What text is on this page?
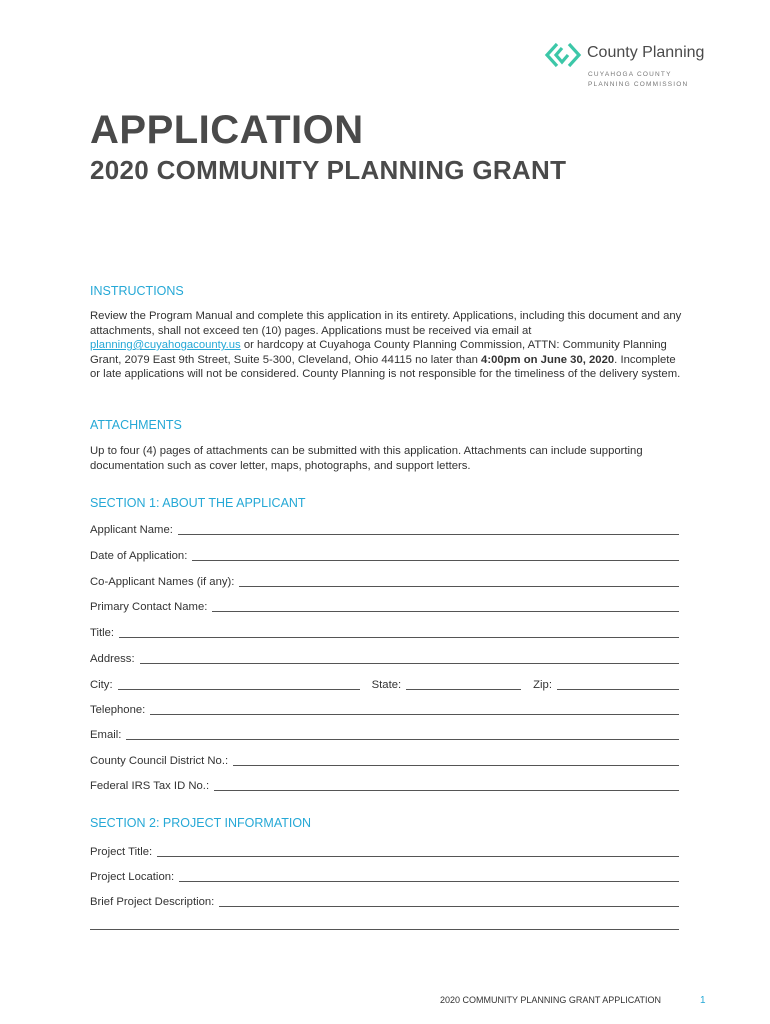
County Planning
CUYAHOGA COUNTY
PLANNING COMMISSION
APPLICATION
2020 COMMUNITY PLANNING GRANT
INSTRUCTIONS

Review the Program Manual and complete this application in its entirety. Applications, including this document and any attachments, shall not exceed ten (10) pages. Applications must be received via email at planning@cuyahogacounty.us or hardcopy at Cuyahoga County Planning Commission, ATTN: Community Planning Grant, 2079 East 9th Street, Suite 5-300, Cleveland, Ohio 44115 no later than 4:00pm on June 30, 2020. Incomplete or late applications will not be considered. County Planning is not responsible for the timeliness of the delivery system.

ATTACHMENTS

Up to four (4) pages of attachments can be submitted with this application. Attachments can include supporting documentation such as cover letter, maps, photographs, and support letters.

SECTION 1: ABOUT THE APPLICANT
Applicant Name:
Date of Application:
Co-Applicant Names (if any):
Primary Contact Name:
Title:
Address:
City:	State:	Zip:
Telephone:
Email:
County Council District No.:
Federal IRS Tax ID No.:
SECTION 2: PROJECT INFORMATION
Project Title:
Project Location:
Brief Project Description:
2020 COMMUNITY PLANNING GRANT APPLICATION	1
